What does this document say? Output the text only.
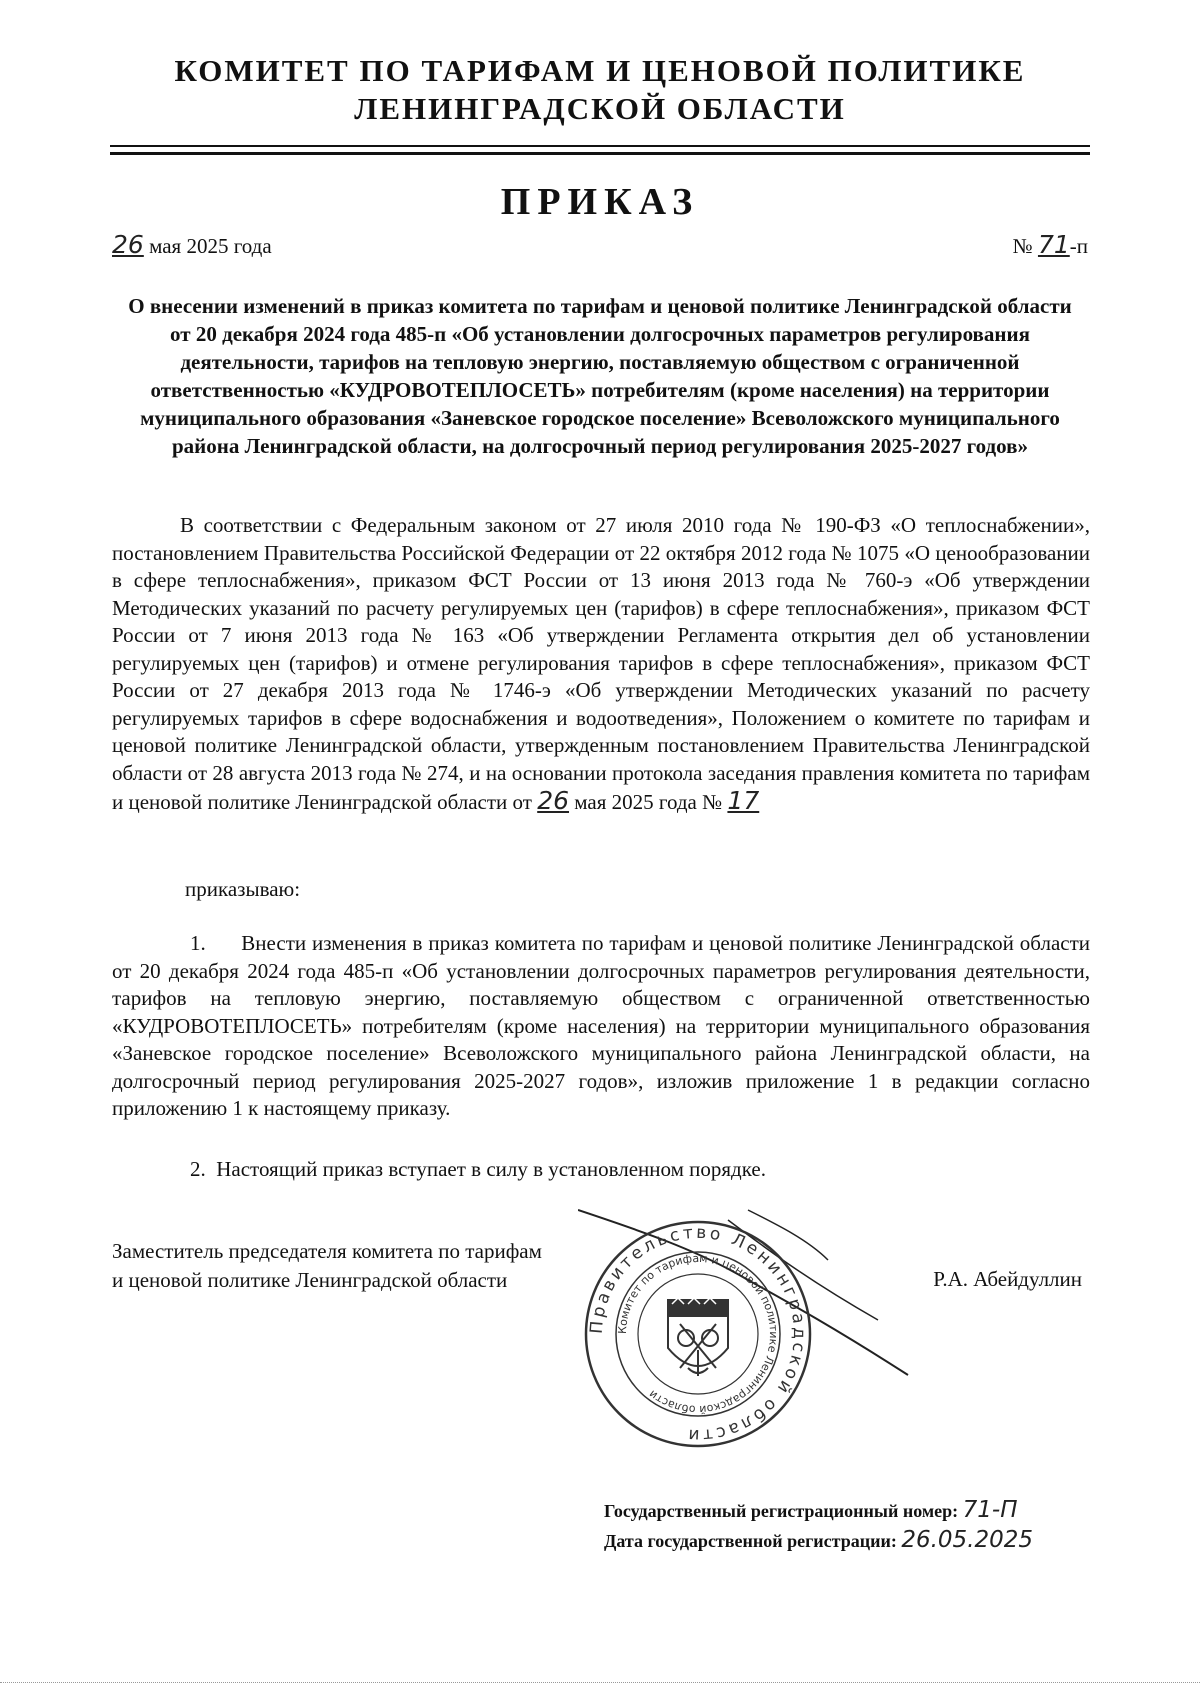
КОМИТЕТ ПО ТАРИФАМ И ЦЕНОВОЙ ПОЛИТИКЕ
ЛЕНИНГРАДСКОЙ ОБЛАСТИ
ПРИКАЗ
26 мая 2025 года	№ 71-п
О внесении изменений в приказ комитета по тарифам и ценовой политике Ленинградской области от 20 декабря 2024 года 485-п «Об установлении долгосрочных параметров регулирования деятельности, тарифов на тепловую энергию, поставляемую обществом с ограниченной ответственностью «КУДРОВОТЕПЛОСЕТЬ» потребителям (кроме населения) на территории муниципального образования «Заневское городское поселение» Всеволожского муниципального района Ленинградской области, на долгосрочный период регулирования 2025-2027 годов»
В соответствии с Федеральным законом от 27 июля 2010 года № 190-ФЗ «О теплоснабжении», постановлением Правительства Российской Федерации от 22 октября 2012 года № 1075 «О ценообразовании в сфере теплоснабжения», приказом ФСТ России от 13 июня 2013 года № 760-э «Об утверждении Методических указаний по расчету регулируемых цен (тарифов) в сфере теплоснабжения», приказом ФСТ России от 7 июня 2013 года № 163 «Об утверждении Регламента открытия дел об установлении регулируемых цен (тарифов) и отмене регулирования тарифов в сфере теплоснабжения», приказом ФСТ России от 27 декабря 2013 года № 1746-э «Об утверждении Методических указаний по расчету регулируемых тарифов в сфере водоснабжения и водоотведения», Положением о комитете по тарифам и ценовой политике Ленинградской области, утвержденным постановлением Правительства Ленинградской области от 28 августа 2013 года № 274, и на основании протокола заседания правления комитета по тарифам и ценовой политике Ленинградской области от 26 мая 2025 года № 17
приказываю:
1.      Внести изменения в приказ комитета по тарифам и ценовой политике Ленинградской области от 20 декабря 2024 года 485-п «Об установлении долгосрочных параметров регулирования деятельности, тарифов на тепловую энергию, поставляемую обществом с ограниченной ответственностью «КУДРОВОТЕПЛОСЕТЬ» потребителям (кроме населения) на территории муниципального образования «Заневское городское поселение» Всеволожского муниципального района Ленинградской области, на долгосрочный период регулирования 2025-2027 годов», изложив приложение 1 в редакции согласно приложению 1 к настоящему приказу.
2.  Настоящий приказ вступает в силу в установленном порядке.
Заместитель председателя комитета по тарифам
и ценовой политике Ленинградской области	Р.А. Абейдуллин
Правительство Ленинградской области
Комитет по тарифам и ценовой политике Ленинградской области
Государственный регистрационный номер: 71-П
Дата государственной регистрации: 26.05.2025
